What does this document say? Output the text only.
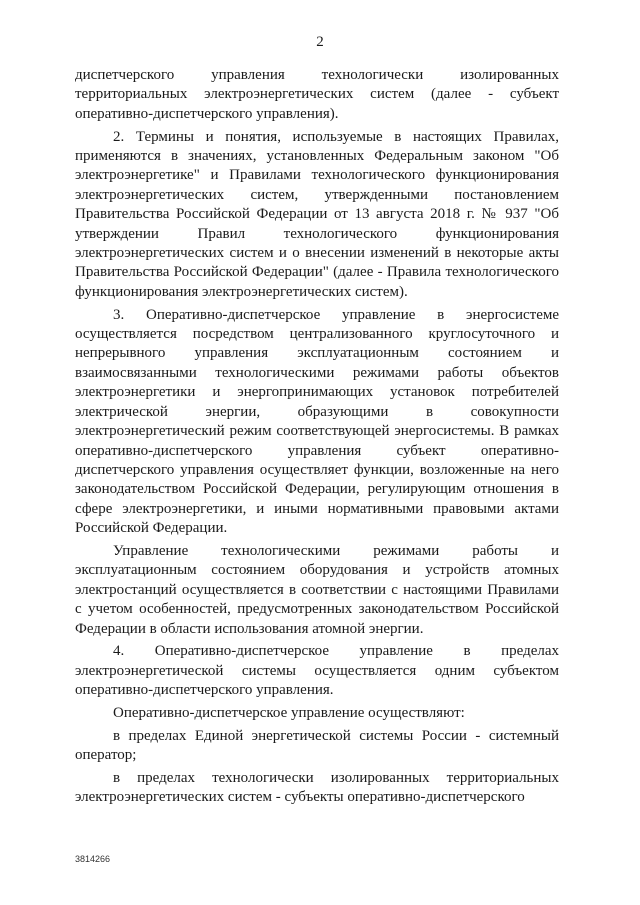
2

диспетчерского управления технологически изолированных территориальных электроэнергетических систем (далее - субъект оперативно-диспетчерского управления).

2. Термины и понятия, используемые в настоящих Правилах, применяются в значениях, установленных Федеральным законом "Об электроэнергетике" и Правилами технологического функционирования электроэнергетических систем, утвержденными постановлением Правительства Российской Федерации от 13 августа 2018 г. № 937 "Об утверждении Правил технологического функционирования электроэнергетических систем и о внесении изменений в некоторые акты Правительства Российской Федерации" (далее - Правила технологического функционирования электроэнергетических систем).

3. Оперативно-диспетчерское управление в энергосистеме осуществляется посредством централизованного круглосуточного и непрерывного управления эксплуатационным состоянием и взаимосвязанными технологическими режимами работы объектов электроэнергетики и энергопринимающих установок потребителей электрической энергии, образующими в совокупности электроэнергетический режим соответствующей энергосистемы. В рамках оперативно-диспетчерского управления субъект оперативно-диспетчерского управления осуществляет функции, возложенные на него законодательством Российской Федерации, регулирующим отношения в сфере электроэнергетики, и иными нормативными правовыми актами Российской Федерации.

Управление технологическими режимами работы и эксплуатационным состоянием оборудования и устройств атомных электростанций осуществляется в соответствии с настоящими Правилами с учетом особенностей, предусмотренных законодательством Российской Федерации в области использования атомной энергии.

4. Оперативно-диспетчерское управление в пределах электроэнергетической системы осуществляется одним субъектом оперативно-диспетчерского управления.

Оперативно-диспетчерское управление осуществляют:

в пределах Единой энергетической системы России - системный оператор;

в пределах технологически изолированных территориальных электроэнергетических систем - субъекты оперативно-диспетчерского

3814266
